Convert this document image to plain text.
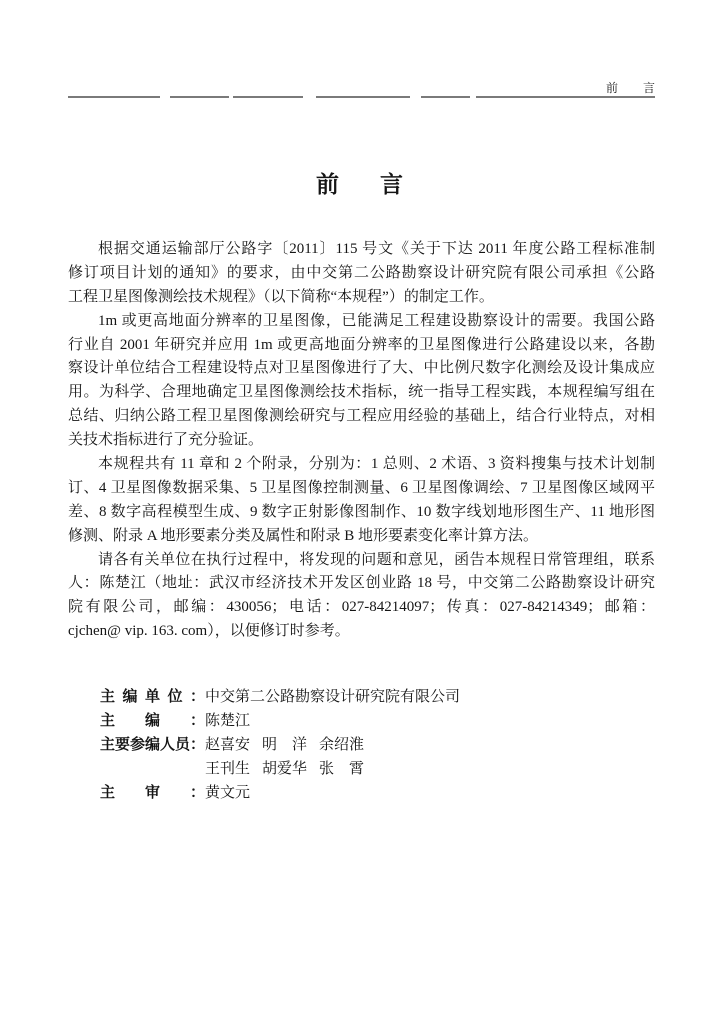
前言
前言
根据交通运输部厅公路字〔2011〕115 号文《关于下达 2011 年度公路工程标准制
修订项目计划的通知》的要求，由中交第二公路勘察设计研究院有限公司承担《公路
工程卫星图像测绘技术规程》（以下简称“本规程”）的制定工作。
1m 或更高地面分辨率的卫星图像，已能满足工程建设勘察设计的需要。我国公路
行业自 2001 年研究并应用 1m 或更高地面分辨率的卫星图像进行公路建设以来，各勘
察设计单位结合工程建设特点对卫星图像进行了大、中比例尺数字化测绘及设计集成应
用。为科学、合理地确定卫星图像测绘技术指标，统一指导工程实践，本规程编写组在
总结、归纳公路工程卫星图像测绘研究与工程应用经验的基础上，结合行业特点，对相
关技术指标进行了充分验证。
本规程共有 11 章和 2 个附录，分别为：1 总则、2 术语、3 资料搜集与技术计划制
订、4 卫星图像数据采集、5 卫星图像控制测量、6 卫星图像调绘、7 卫星图像区域网平
差、8 数字高程模型生成、9 数字正射影像图制作、10 数字线划地形图生产、11 地形图
修测、附录 A 地形要素分类及属性和附录 B 地形要素变化率计算方法。
请各有关单位在执行过程中，将发现的问题和意见，函告本规程日常管理组，联系
人：陈楚江（地址：武汉市经济技术开发区创业路 18 号，中交第二公路勘察设计研究
院有限公司，邮编：430056；电话：027-84214097；传真：027-84214349；邮箱：
cjchen@ vip. 163. com），以便修订时参考。
主编单位： 中交第二公路勘察设计研究院有限公司
主编： 陈楚江
主要参编人员： 赵喜安 明洋 余绍淮
王刊生 胡爱华 张霄
主审： 黄文元
